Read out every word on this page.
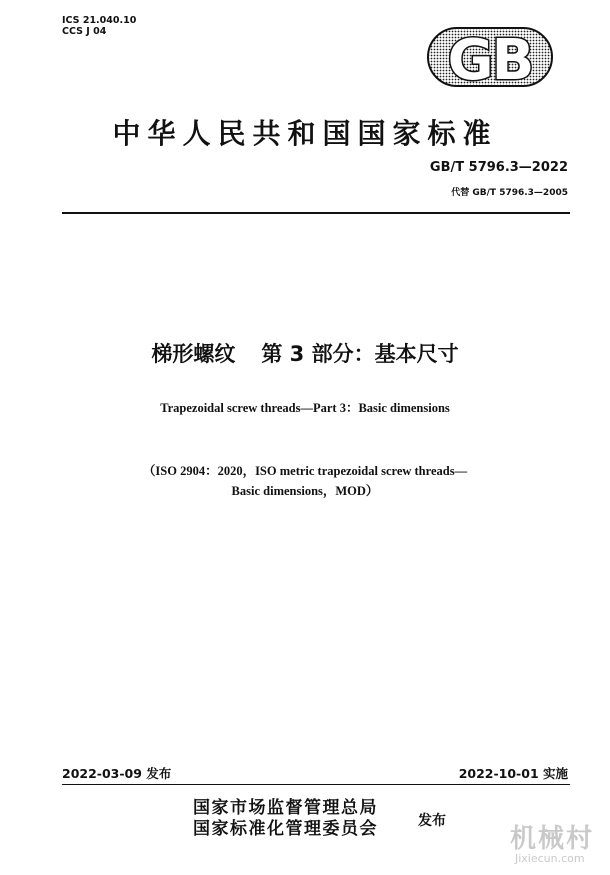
ICS 21.040.10
CCS J 04	GB
中华人民共和国国家标准
GB/T 5796.3—2022
代替 GB/T 5796.3—2005
梯形螺纹 第 3 部分：基本尺寸
Trapezoidal screw threads—Part 3：Basic dimensions
（ISO 2904：2020，ISO metric trapezoidal screw threads—
Basic dimensions，MOD）
2022-03-09 发布	2022-10-01 实施
国家市场监督管理总局
国家标准化管理委员会	发布
机械村
Jixiecun.com
